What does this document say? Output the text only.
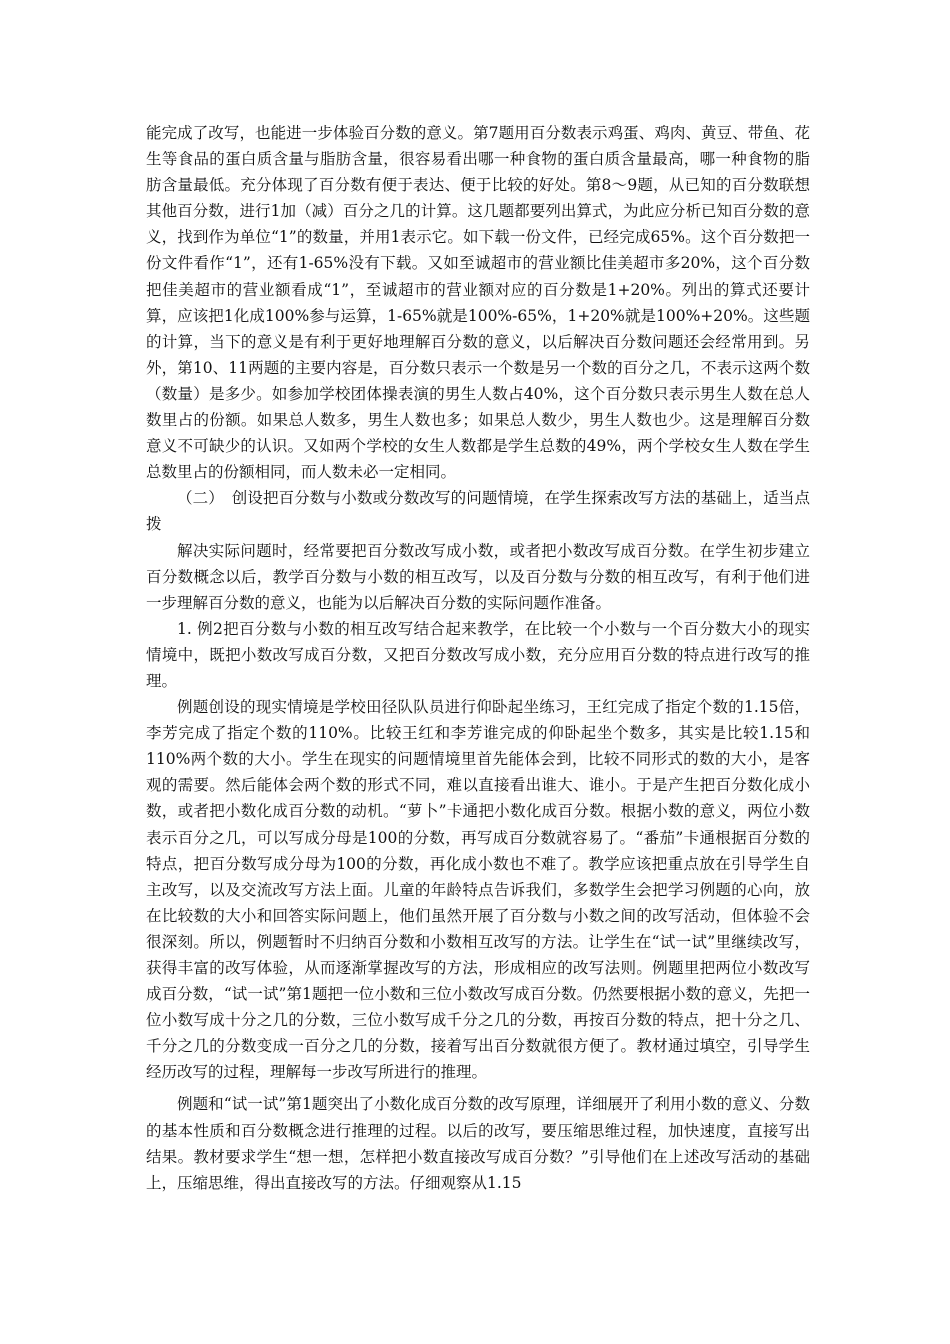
能完成了改写，也能进一步体验百分数的意义。第7题用百分数表示鸡蛋、鸡肉、黄豆、带鱼、花生等食品的蛋白质含量与脂肪含量，很容易看出哪一种食物的蛋白质含量最高，哪一种食物的脂肪含量最低。充分体现了百分数有便于表达、便于比较的好处。第8～9题，从已知的百分数联想其他百分数，进行1加（减）百分之几的计算。这几题都要列出算式，为此应分析已知百分数的意义，找到作为单位“1”的数量，并用1表示它。如下载一份文件，已经完成65%。这个百分数把一份文件看作“1”，还有1-65%没有下载。又如至诚超市的营业额比佳美超市多20%，这个百分数把佳美超市的营业额看成“1”，至诚超市的营业额对应的百分数是1+20%。列出的算式还要计算，应该把1化成100%参与运算，1-65%就是100%-65%，1+20%就是100%+20%。这些题的计算，当下的意义是有利于更好地理解百分数的意义，以后解决百分数问题还会经常用到。另外，第10、11两题的主要内容是，百分数只表示一个数是另一个数的百分之几，不表示这两个数（数量）是多少。如参加学校团体操表演的男生人数占40%，这个百分数只表示男生人数在总人数里占的份额。如果总人数多，男生人数也多；如果总人数少，男生人数也少。这是理解百分数意义不可缺少的认识。又如两个学校的女生人数都是学生总数的49%，两个学校女生人数在学生总数里占的份额相同，而人数未必一定相同。

（二）　创设把百分数与小数或分数改写的问题情境，在学生探索改写方法的基础上，适当点拨

解决实际问题时，经常要把百分数改写成小数，或者把小数改写成百分数。在学生初步建立百分数概念以后，教学百分数与小数的相互改写，以及百分数与分数的相互改写，有利于他们进一步理解百分数的意义，也能为以后解决百分数的实际问题作准备。

1. 例2把百分数与小数的相互改写结合起来教学，在比较一个小数与一个百分数大小的现实情境中，既把小数改写成百分数，又把百分数改写成小数，充分应用百分数的特点进行改写的推理。

例题创设的现实情境是学校田径队队员进行仰卧起坐练习，王红完成了指定个数的1.15倍，李芳完成了指定个数的110%。比较王红和李芳谁完成的仰卧起坐个数多，其实是比较1.15和110%两个数的大小。学生在现实的问题情境里首先能体会到，比较不同形式的数的大小，是客观的需要。然后能体会两个数的形式不同，难以直接看出谁大、谁小。于是产生把百分数化成小数，或者把小数化成百分数的动机。“萝卜”卡通把小数化成百分数。根据小数的意义，两位小数表示百分之几，可以写成分母是100的分数，再写成百分数就容易了。“番茄”卡通根据百分数的特点，把百分数写成分母为100的分数，再化成小数也不难了。教学应该把重点放在引导学生自主改写，以及交流改写方法上面。儿童的年龄特点告诉我们，多数学生会把学习例题的心向，放在比较数的大小和回答实际问题上，他们虽然开展了百分数与小数之间的改写活动，但体验不会很深刻。所以，例题暂时不归纳百分数和小数相互改写的方法。让学生在“试一试”里继续改写，获得丰富的改写体验，从而逐渐掌握改写的方法，形成相应的改写法则。例题里把两位小数改写成百分数，“试一试”第1题把一位小数和三位小数改写成百分数。仍然要根据小数的意义，先把一位小数写成十分之几的分数，三位小数写成千分之几的分数，再按百分数的特点，把十分之几、千分之几的分数变成一百分之几的分数，接着写出百分数就很方便了。教材通过填空，引导学生经历改写的过程，理解每一步改写所进行的推理。

例题和“试一试”第1题突出了小数化成百分数的改写原理，详细展开了利用小数的意义、分数的基本性质和百分数概念进行推理的过程。以后的改写，要压缩思维过程，加快速度，直接写出结果。教材要求学生“想一想，怎样把小数直接改写成百分数？”引导他们在上述改写活动的基础上，压缩思维，得出直接改写的方法。仔细观察从1.15
